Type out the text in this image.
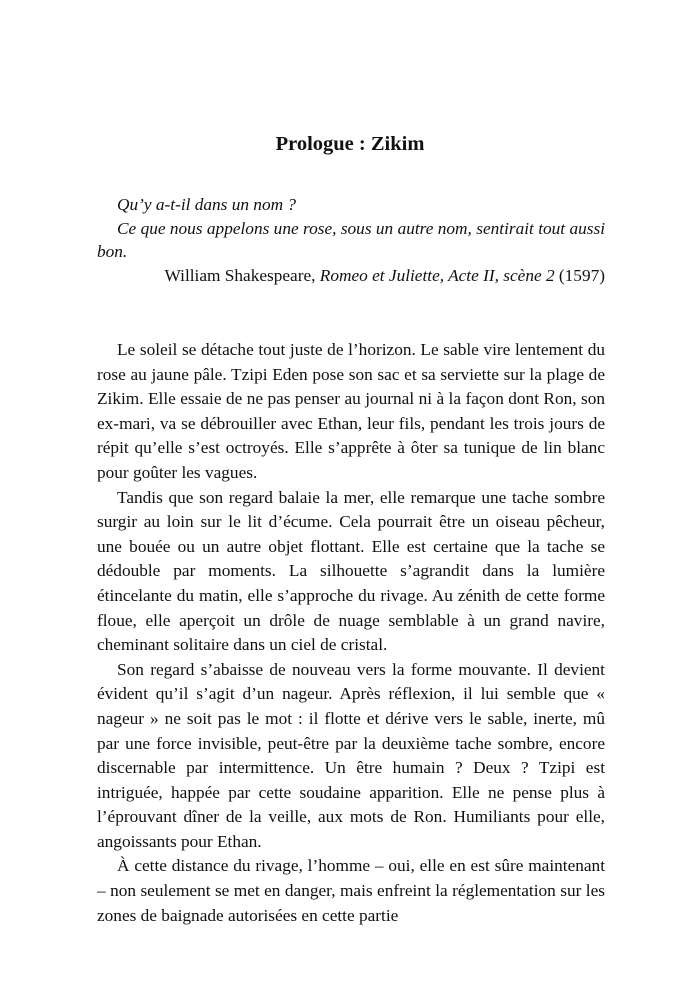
Prologue : Zikim

Qu’y a-t-il dans un nom ?

Ce que nous appelons une rose, sous un autre nom, sentirait tout aussi bon.

William Shakespeare, Romeo et Juliette, Acte II, scène 2 (1597)

Le soleil se détache tout juste de l’horizon. Le sable vire lentement du rose au jaune pâle. Tzipi Eden pose son sac et sa serviette sur la plage de Zikim. Elle essaie de ne pas penser au journal ni à la façon dont Ron, son ex-mari, va se débrouiller avec Ethan, leur fils, pendant les trois jours de répit qu’elle s’est octroyés. Elle s’apprête à ôter sa tunique de lin blanc pour goûter les vagues.

Tandis que son regard balaie la mer, elle remarque une tache sombre surgir au loin sur le lit d’écume. Cela pourrait être un oiseau pêcheur, une bouée ou un autre objet flottant. Elle est certaine que la tache se dédouble par moments. La silhouette s’agrandit dans la lumière étincelante du matin, elle s’approche du rivage. Au zénith de cette forme floue, elle aperçoit un drôle de nuage semblable à un grand navire, cheminant solitaire dans un ciel de cristal.

Son regard s’abaisse de nouveau vers la forme mouvante. Il devient évident qu’il s’agit d’un nageur. Après réflexion, il lui semble que « nageur » ne soit pas le mot : il flotte et dérive vers le sable, inerte, mû par une force invisible, peut-être par la deuxième tache sombre, encore discernable par intermittence. Un être humain ? Deux ? Tzipi est intriguée, happée par cette soudaine apparition. Elle ne pense plus à l’éprouvant dîner de la veille, aux mots de Ron. Humiliants pour elle, angoissants pour Ethan.

À cette distance du rivage, l’homme – oui, elle en est sûre maintenant – non seulement se met en danger, mais enfreint la réglementation sur les zones de baignade autorisées en cette partie
